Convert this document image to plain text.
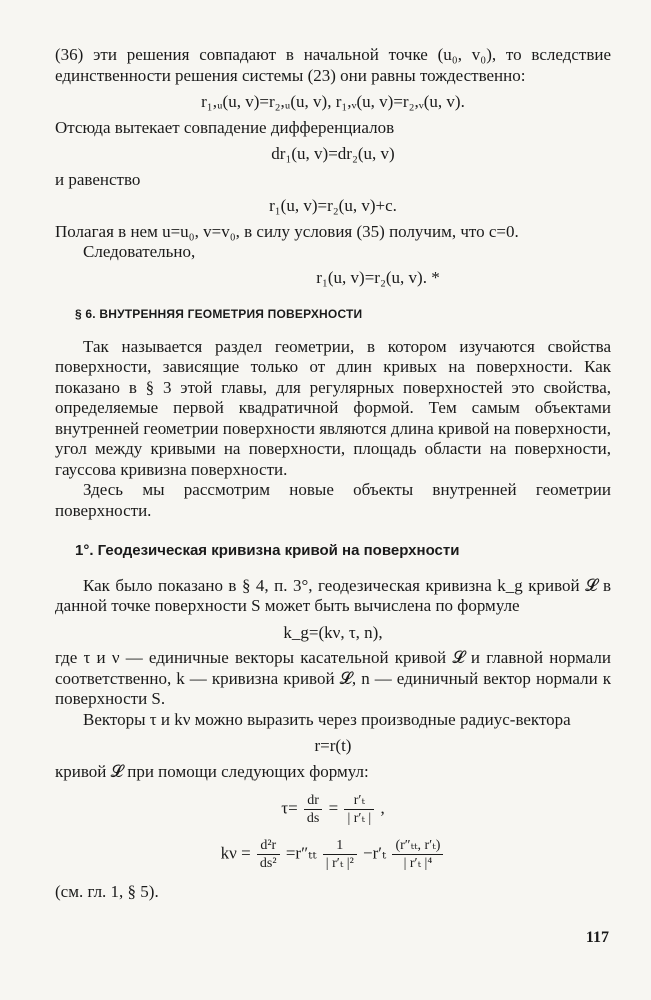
(36) эти решения совпадают в начальной точке (u₀, v₀), то вследствие единственности решения системы (23) они равны тождественно:

r₁,ᵤ(u, v)=r₂,ᵤ(u, v), r₁,ᵥ(u, v)=r₂,ᵥ(u, v).

Отсюда вытекает совпадение дифференциалов

dr₁(u, v)=dr₂(u, v)

и равенство

r₁(u, v)=r₂(u, v)+c.

Полагая в нем u=u₀, v=v₀, в силу условия (35) получим, что c=0.

Следовательно,

r₁(u, v)=r₂(u, v). *
§ 6. ВНУТРЕННЯЯ ГЕОМЕТРИЯ ПОВЕРХНОСТИ

Так называется раздел геометрии, в котором изучаются свойства поверхности, зависящие только от длин кривых на поверхности. Как показано в § 3 этой главы, для регулярных поверхностей это свойства, определяемые первой квадратичной формой. Тем самым объектами внутренней геометрии поверхности являются длина кривой на поверхности, угол между кривыми на поверхности, площадь области на поверхности, гауссова кривизна поверхности.

Здесь мы рассмотрим новые объекты внутренней геометрии поверхности.

1°. Геодезическая кривизна кривой на поверхности

Как было показано в § 4, п. 3°, геодезическая кривизна k_g кривой 𝓛 в данной точке поверхности S может быть вычислена по формуле

k_g=(kν, τ, n),

где τ и ν — единичные векторы касательной кривой 𝓛 и главной нормали соответственно, k — кривизна кривой 𝓛, n — единичный вектор нормали к поверхности S.

Векторы τ и kν можно выразить через производные радиус-вектора

r=r(t)

кривой 𝓛 при помощи следующих формул:

$\tau= \frac{dr}{ds} = \frac{\text{r′ₜ}}{\text{| r′ₜ |}}$ ,
$k\nu = \frac{\text{d²r}}{\text{ds²}} =r''_{tt} \frac{1}{\text{| r′ₜ |²}} -r'_t \frac{\text{(r″ₜₜ, r′ₜ)}}{\text{| r′ₜ |⁴}}$

(см. гл. 1, § 5).

117
